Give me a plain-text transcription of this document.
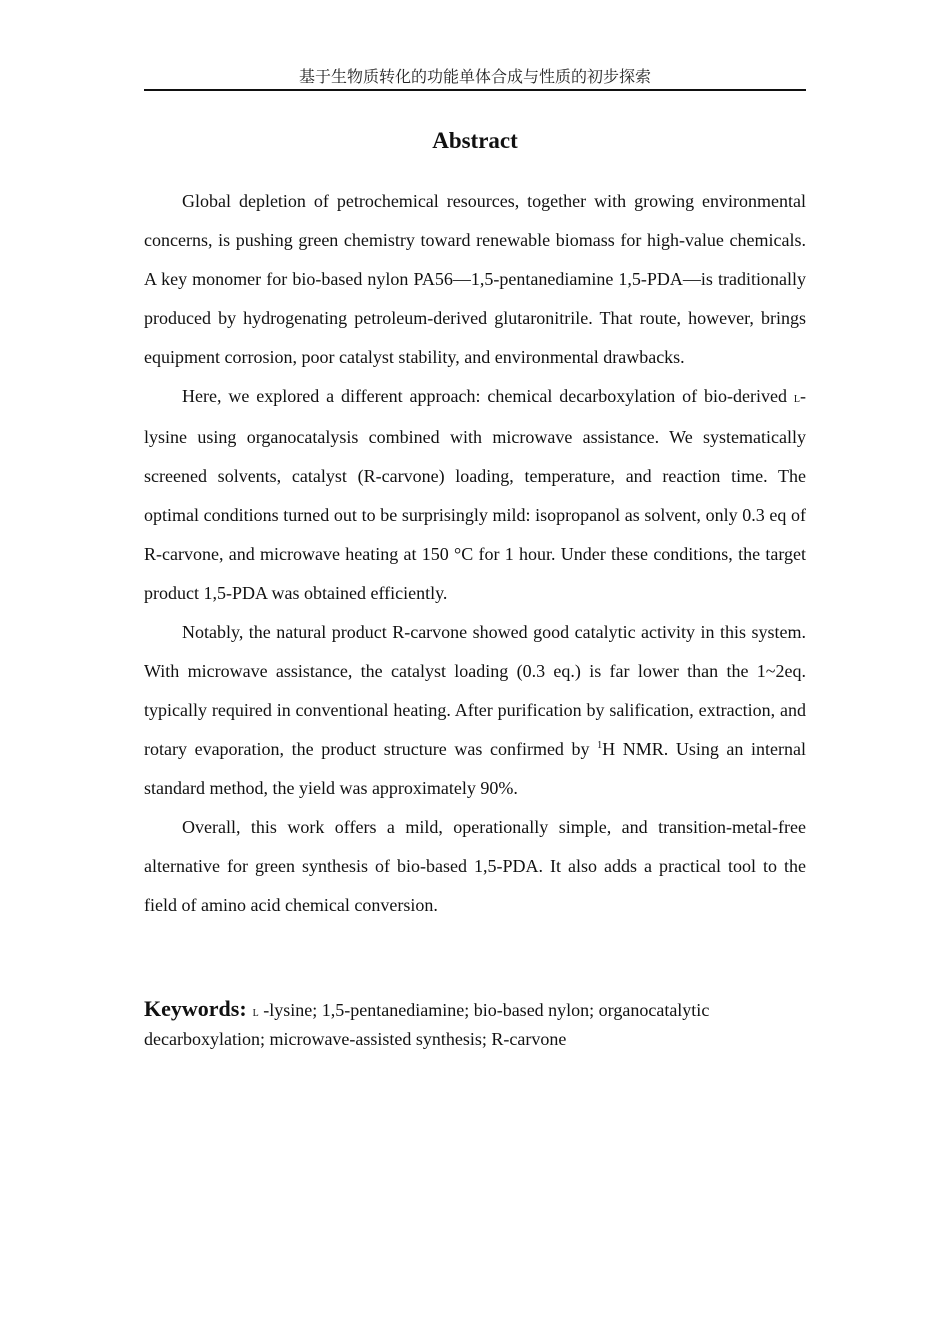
基于生物质转化的功能单体合成与性质的初步探索
Abstract

Global depletion of petrochemical resources, together with growing environmental concerns, is pushing green chemistry toward renewable biomass for high-value chemicals. A key monomer for bio-based nylon PA56—1,5-pentanediamine 1,5-PDA—is traditionally produced by hydrogenating petroleum-derived glutaronitrile. That route, however, brings equipment corrosion, poor catalyst stability, and environmental drawbacks.

Here, we explored a different approach: chemical decarboxylation of bio-derived l-lysine using organocatalysis combined with microwave assistance. We systematically screened solvents, catalyst (R-carvone) loading, temperature, and reaction time. The optimal conditions turned out to be surprisingly mild: isopropanol as solvent, only 0.3 eq of R-carvone, and microwave heating at 150 °C for 1 hour. Under these conditions, the target product 1,5-PDA was obtained efficiently.

Notably, the natural product R-carvone showed good catalytic activity in this system. With microwave assistance, the catalyst loading (0.3 eq.) is far lower than the 1~2eq. typically required in conventional heating. After purification by salification, extraction, and rotary evaporation, the product structure was confirmed by $^1$H NMR. Using an internal standard method, the yield was approximately 90%.

Overall, this work offers a mild, operationally simple, and transition-metal-free alternative for green synthesis of bio-based 1,5-PDA. It also adds a practical tool to the field of amino acid chemical conversion.

Keywords: l -lysine; 1,5-pentanediamine; bio-based nylon; organocatalytic decarboxylation; microwave-assisted synthesis; R-carvone
